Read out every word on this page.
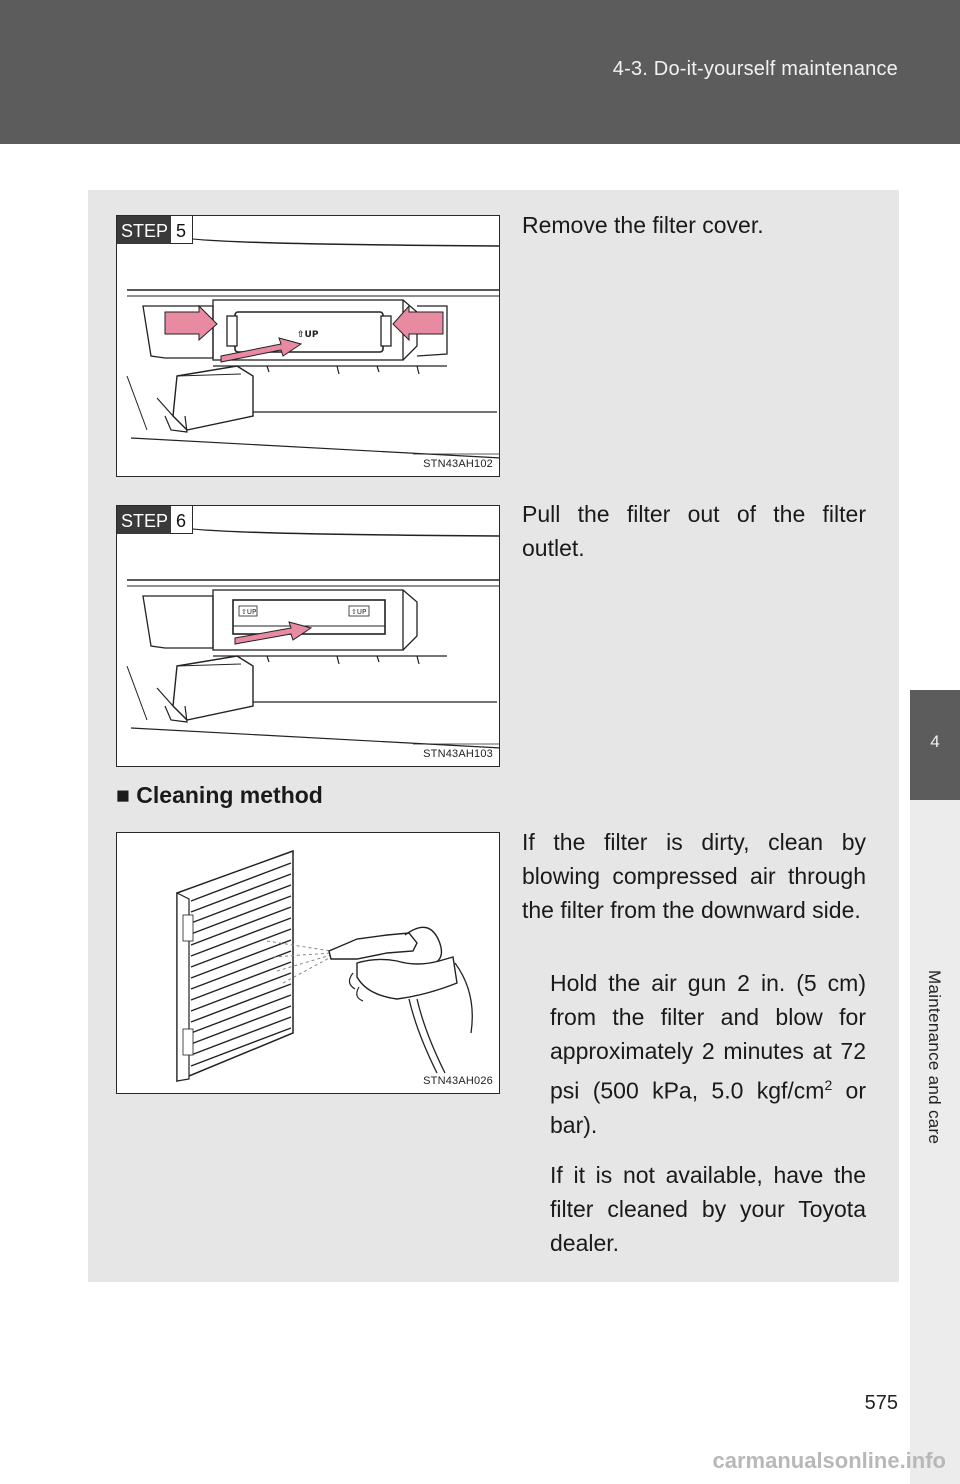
4-3. Do-it-yourself maintenance
4
Maintenance and care
⇧UP
STEP 5
STN43AH102
Remove the filter cover.
⇧UP	⇧UP
STEP 6
STN43AH103
Pull the filter out of the filter outlet.
■ Cleaning method
STN43AH026
If the filter is dirty, clean by blowing compressed air through the filter from the downward side.
Hold the air gun 2 in. (5 cm) from the filter and blow for approximately 2 minutes at 72 psi (500 kPa, 5.0 kgf/$cm^2$ or bar).
If it is not available, have the filter cleaned by your Toyota dealer.
575
carmanualsonline.info
